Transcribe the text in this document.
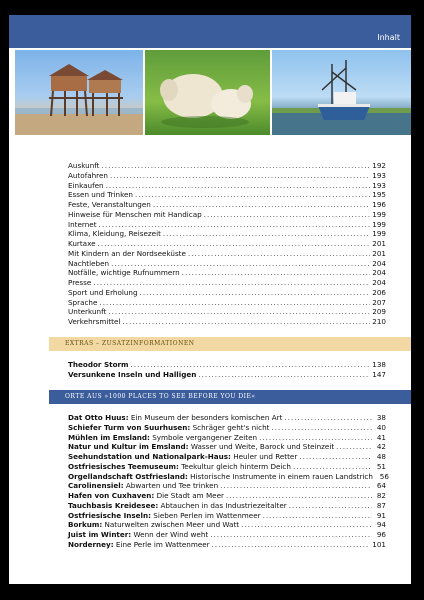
Inhalt
Auskunft .....	192
Autofahren .....	193
Einkaufen .....	193
Essen und Trinken .....	195
Feste, Veranstaltungen .....	196
Hinweise für Menschen mit Handicap .....	199
Internet .....	199
Klima, Kleidung, Reisezeit .....	199
Kurtaxe .....	201
Mit Kindern an der Nordseeküste .....	201
Nachtleben .....	204
Notfälle, wichtige Rufnummern .....	204
Presse .....	204
Sport und Erholung .....	206
Sprache .....	207
Unterkunft .....	209
Verkehrsmittel .....	210
EXTRAS – ZUSATZINFORMATIONEN
Theodor Storm .....	138
Versunkene Inseln und Halligen .....	147
ORTE AUS »1000 PLACES TO SEE BEFORE YOU DIE«
Dat Otto Huus: Ein Museum der besonders komischen Art .....	38
Schiefer Turm von Suurhusen: Schräger geht's nicht .....	40
Mühlen im Emsland: Symbole vergangener Zeiten .....	41
Natur und Kultur im Emsland: Wasser und Weite, Barock und Steinzeit .....	42
Seehundstation und Nationalpark-Haus: Heuler und Retter .....	48
Ostfriesisches Teemuseum: Teekultur gleich hinterm Deich .....	51
Orgellandschaft Ostfriesland: Historische Instrumente in einem rauen Landstrich 56
Carolinensiel: Abwarten und Tee trinken .....	64
Hafen von Cuxhaven: Die Stadt am Meer .....	82
Tauchbasis Kreidesee: Abtauchen in das Industriezeitalter .....	87
Ostfriesische Inseln: Sieben Perlen im Wattenmeer .....	91
Borkum: Naturwelten zwischen Meer und Watt .....	94
Juist im Winter: Wenn der Wind weht .....	96
Norderney: Eine Perle im Wattenmeer .....	101
